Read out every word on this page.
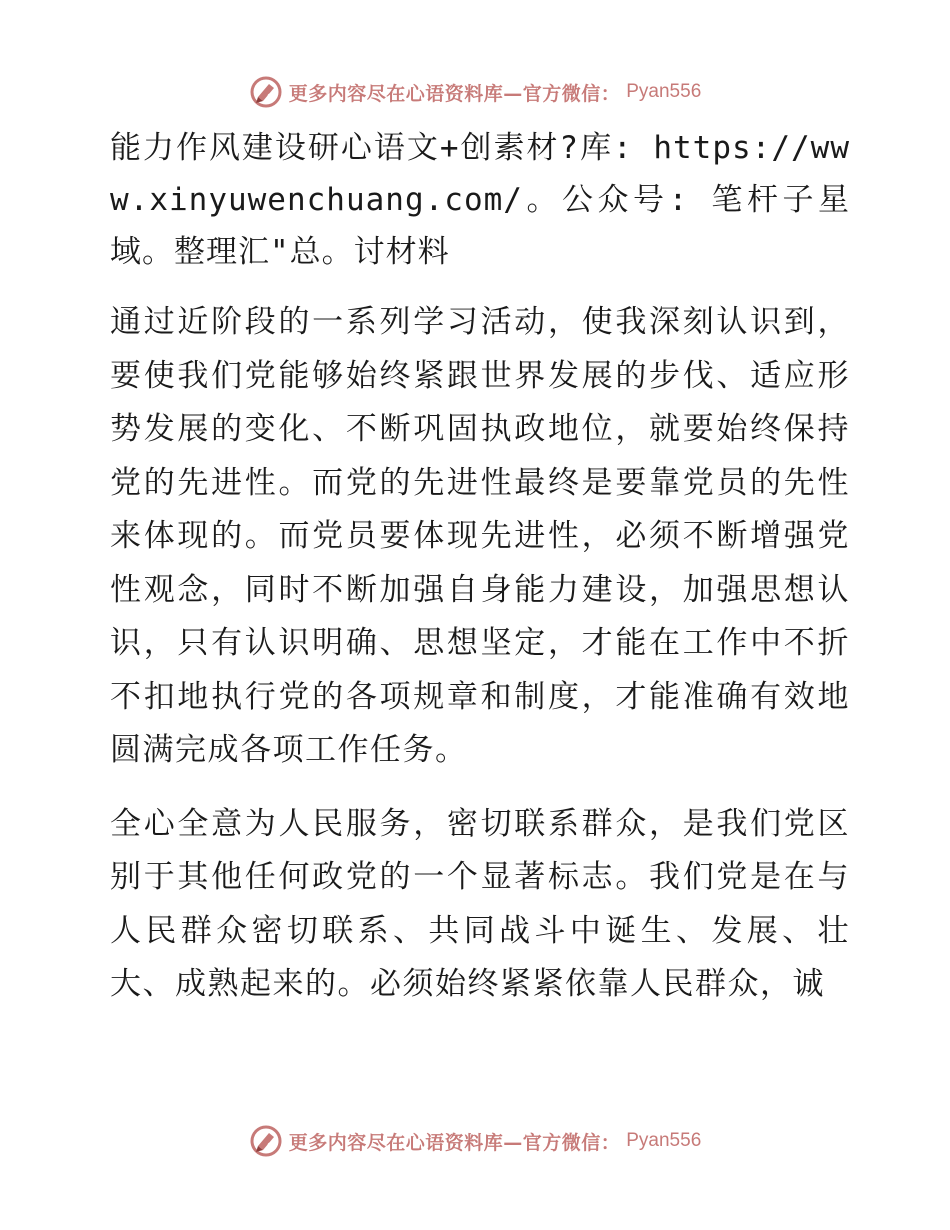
更多内容尽在心语资料库—官方微信： Pyan556

能力作风建设研心语文+创素材?库: https://www.xinyuwenchuang.com/。公众号: 笔杆子星域。整理汇"总。讨材料

通过近阶段的一系列学习活动，使我深刻认识到，要使我们党能够始终紧跟世界发展的步伐、适应形势发展的变化、不断巩固执政地位，就要始终保持党的先进性。而党的先进性最终是要靠党员的先性来体现的。而党员要体现先进性，必须不断增强党性观念，同时不断加强自身能力建设，加强思想认识，只有认识明确、思想坚定，才能在工作中不折不扣地执行党的各项规章和制度，才能准确有效地圆满完成各项工作任务。

全心全意为人民服务，密切联系群众，是我们党区别于其他任何政党的一个显著标志。我们党是在与人民群众密切联系、共同战斗中诞生、发展、壮大、成熟起来的。必须始终紧紧依靠人民群众，诚

更多内容尽在心语资料库—官方微信： Pyan556
